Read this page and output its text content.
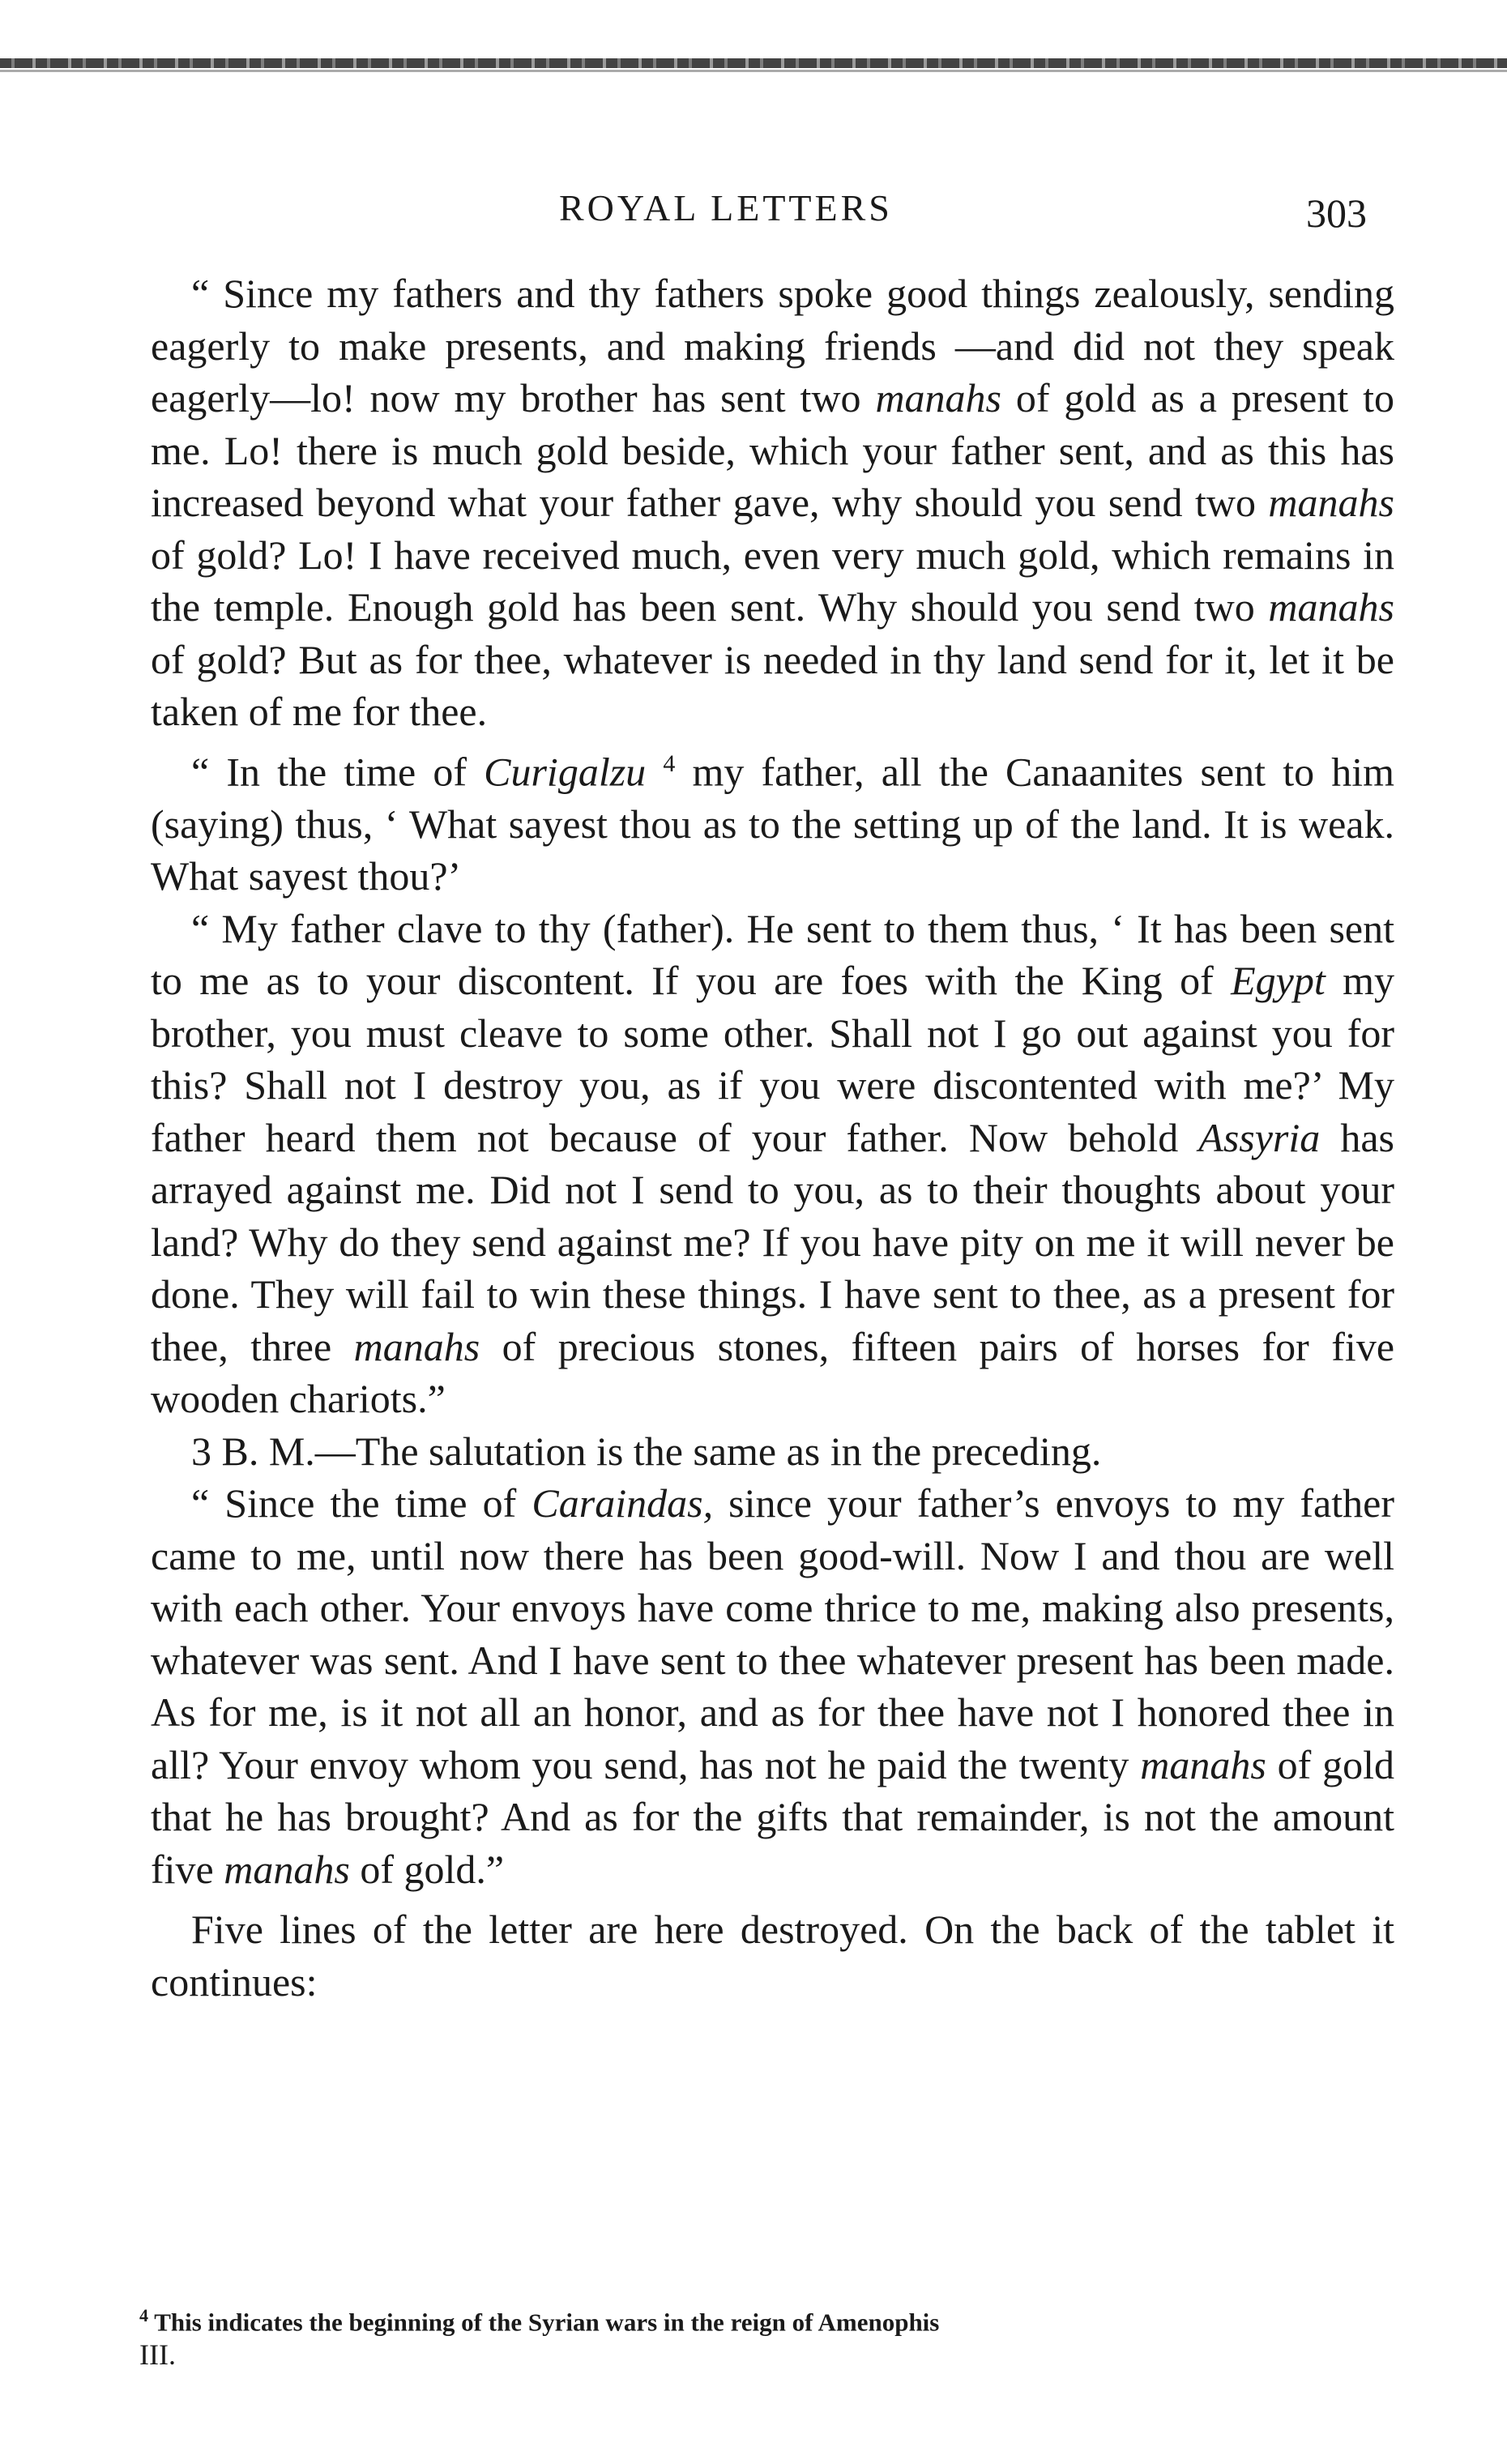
ROYAL LETTERS	303

“ Since my fathers and thy fathers spoke good things zealously, sending eagerly to make presents, and making friends —and did not they speak eagerly—lo! now my brother has sent two manahs of gold as a present to me. Lo! there is much gold beside, which your father sent, and as this has increased beyond what your father gave, why should you send two manahs of gold? Lo! I have received much, even very much gold, which remains in the temple. Enough gold has been sent. Why should you send two manahs of gold? But as for thee, whatever is needed in thy land send for it, let it be taken of me for thee.

“ In the time of Curigalzu $^4$ my father, all the Canaanites sent to him (saying) thus, ‘ What sayest thou as to the setting up of the land. It is weak. What sayest thou?’

“ My father clave to thy (father). He sent to them thus, ‘ It has been sent to me as to your discontent. If you are foes with the King of Egypt my brother, you must cleave to some other. Shall not I go out against you for this? Shall not I destroy you, as if you were discontented with me?’ My father heard them not because of your father. Now behold Assyria has arrayed against me. Did not I send to you, as to their thoughts about your land? Why do they send against me? If you have pity on me it will never be done. They will fail to win these things. I have sent to thee, as a present for thee, three manahs of precious stones, fifteen pairs of horses for five wooden chariots.”

3 B. M.—The salutation is the same as in the preceding.

“ Since the time of Caraindas, since your father’s envoys to my father came to me, until now there has been good-will. Now I and thou are well with each other. Your envoys have come thrice to me, making also presents, whatever was sent. And I have sent to thee whatever present has been made. As for me, is it not all an honor, and as for thee have not I honored thee in all? Your envoy whom you send, has not he paid the twenty manahs of gold that he has brought? And as for the gifts that remainder, is not the amount five manahs of gold.”

Five lines of the letter are here destroyed. On the back of the tablet it continues:

$^4$ This indicates the beginning of the Syrian wars in the reign of Amenophis
III.
